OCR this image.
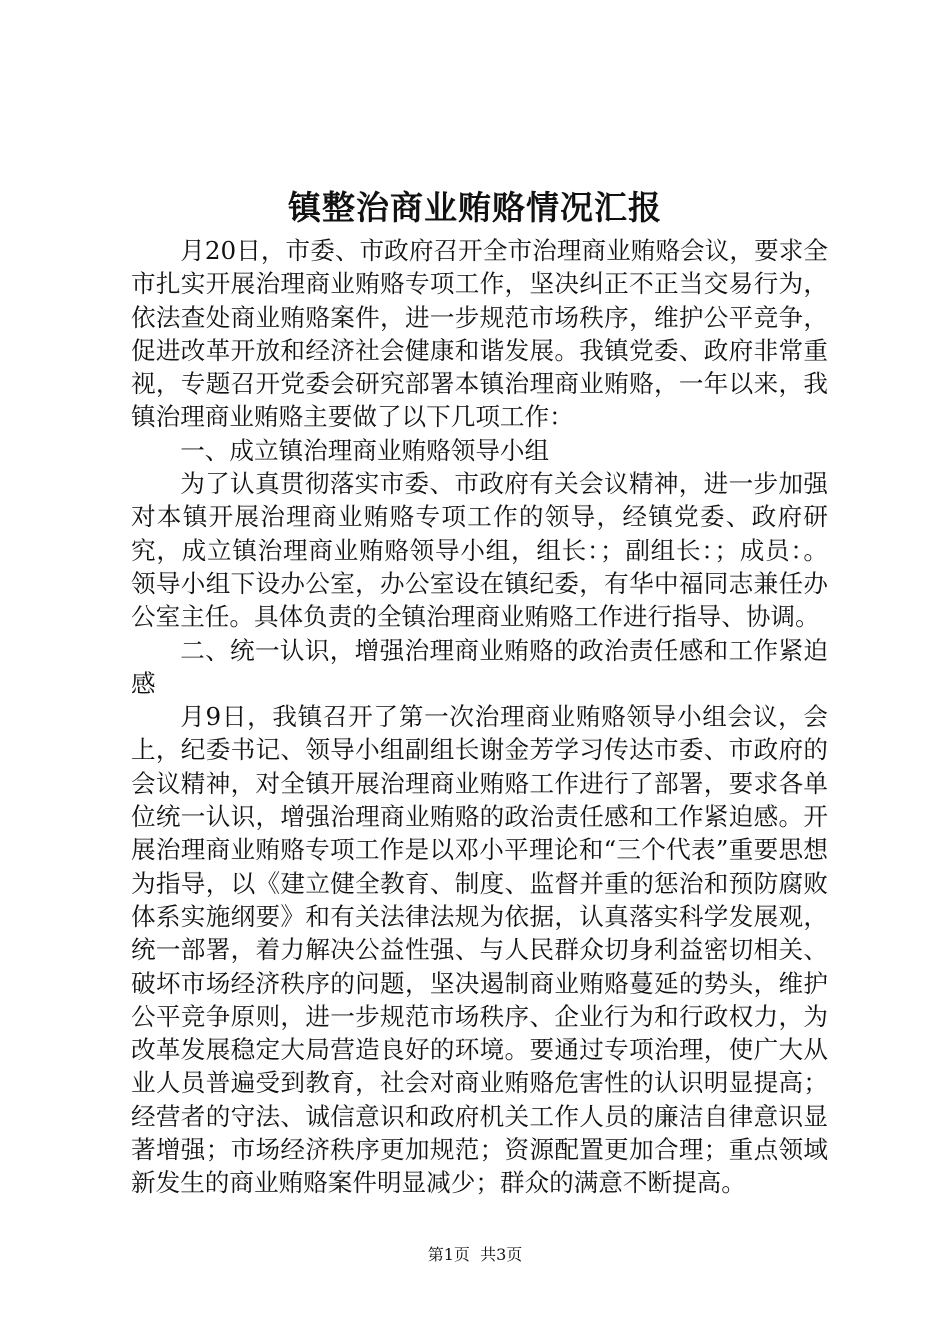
镇整治商业贿赂情况汇报

月20日，市委、市政府召开全市治理商业贿赂会议，要求全市扎实开展治理商业贿赂专项工作，坚决纠正不正当交易行为，依法查处商业贿赂案件，进一步规范市场秩序，维护公平竞争，促进改革开放和经济社会健康和谐发展。我镇党委、政府非常重视，专题召开党委会研究部署本镇治理商业贿赂，一年以来，我镇治理商业贿赂主要做了以下几项工作：

一、成立镇治理商业贿赂领导小组

为了认真贯彻落实市委、市政府有关会议精神，进一步加强对本镇开展治理商业贿赂专项工作的领导，经镇党委、政府研究，成立镇治理商业贿赂领导小组，组长：；副组长：；成员：。领导小组下设办公室，办公室设在镇纪委，有华中福同志兼任办公室主任。具体负责的全镇治理商业贿赂工作进行指导、协调。

二、统一认识，增强治理商业贿赂的政治责任感和工作紧迫感

月9日，我镇召开了第一次治理商业贿赂领导小组会议，会上，纪委书记、领导小组副组长谢金芳学习传达市委、市政府的会议精神，对全镇开展治理商业贿赂工作进行了部署，要求各单位统一认识，增强治理商业贿赂的政治责任感和工作紧迫感。开展治理商业贿赂专项工作是以邓小平理论和“三个代表”重要思想为指导，以《建立健全教育、制度、监督并重的惩治和预防腐败体系实施纲要》和有关法律法规为依据，认真落实科学发展观，统一部署，着力解决公益性强、与人民群众切身利益密切相关、破坏市场经济秩序的问题，坚决遏制商业贿赂蔓延的势头，维护公平竞争原则，进一步规范市场秩序、企业行为和行政权力，为改革发展稳定大局营造良好的环境。要通过专项治理，使广大从业人员普遍受到教育，社会对商业贿赂危害性的认识明显提高；经营者的守法、诚信意识和政府机关工作人员的廉洁自律意识显著增强；市场经济秩序更加规范；资源配置更加合理；重点领域新发生的商业贿赂案件明显减少；群众的满意不断提高。

第1页 共3页
